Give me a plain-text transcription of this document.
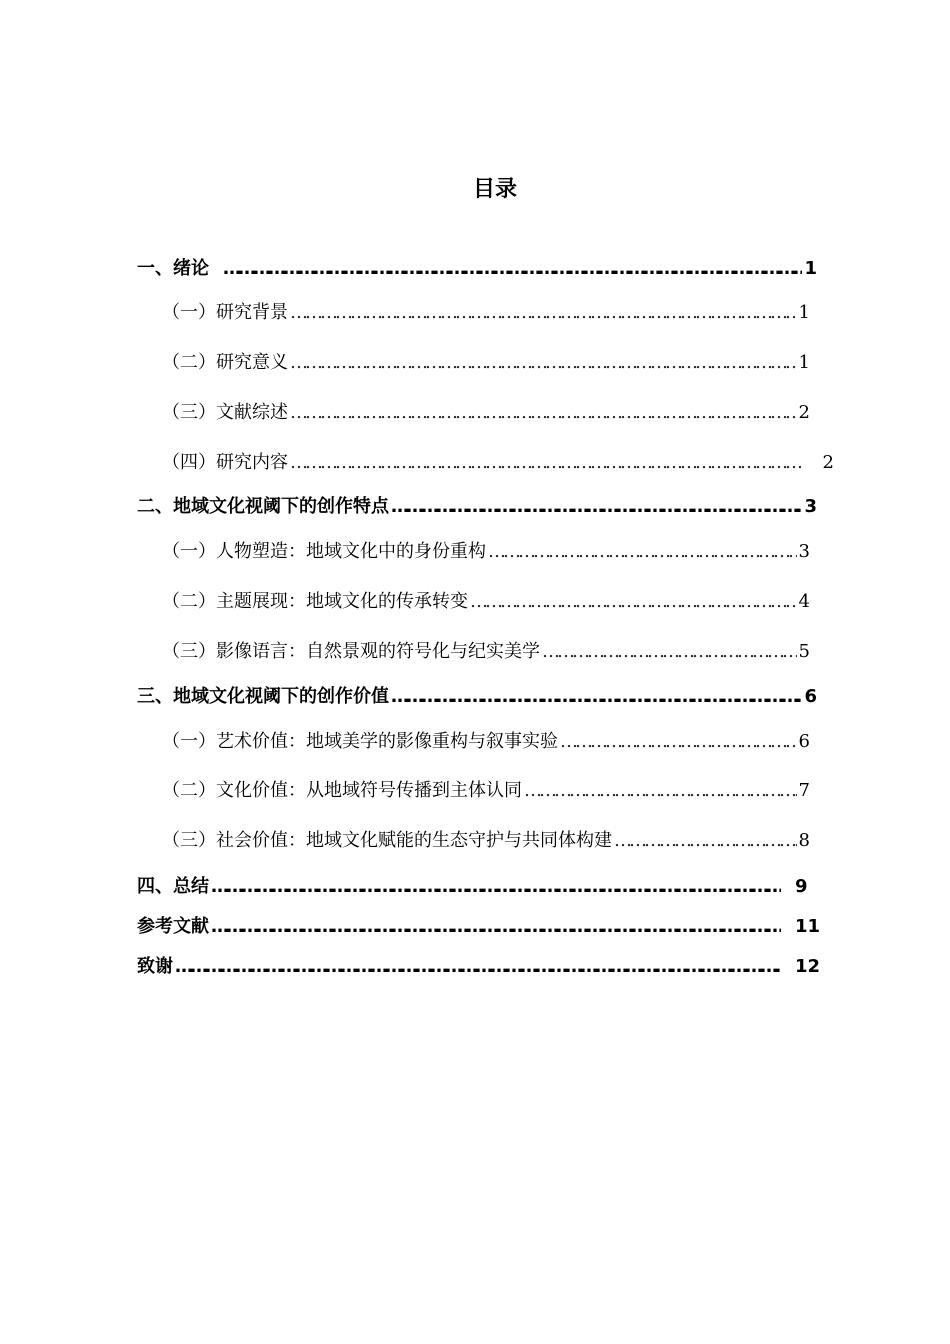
目录
一、绪论 ……………………………………………………………………………………………………………………………………………………………………………………	1
（一）研究背景 ……………………………………………………………………………………………………………………………………………………………………………………	1
（二）研究意义 ……………………………………………………………………………………………………………………………………………………………………………………	1
（三）文献综述 ……………………………………………………………………………………………………………………………………………………………………………………	2
（四）研究内容 ……………………………………………………………………………………………………………………………………………………………………………………	2
二、地域文化视阈下的创作特点 ……………………………………………………………………………………………………………………………………………………………………………………	3
（一）人物塑造：地域文化中的身份重构 ……………………………………………………………………………………………………………………………………………………………………………………	3
（二）主题展现：地域文化的传承转变 ……………………………………………………………………………………………………………………………………………………………………………………	4
（三）影像语言：自然景观的符号化与纪实美学 ……………………………………………………………………………………………………………………………………………………………………………………	5
三、地域文化视阈下的创作价值 ……………………………………………………………………………………………………………………………………………………………………………………	6
（一）艺术价值：地域美学的影像重构与叙事实验 ……………………………………………………………………………………………………………………………………………………………………………………	6
（二）文化价值：从地域符号传播到主体认同 ……………………………………………………………………………………………………………………………………………………………………………………	7
（三）社会价值：地域文化赋能的生态守护与共同体构建 ……………………………………………………………………………………………………………………………………………………………………………………	8
四、总结 ……………………………………………………………………………………………………………………………………………………………………………………	9
参考文献 ……………………………………………………………………………………………………………………………………………………………………………………	11
致谢 ……………………………………………………………………………………………………………………………………………………………………………………	12
